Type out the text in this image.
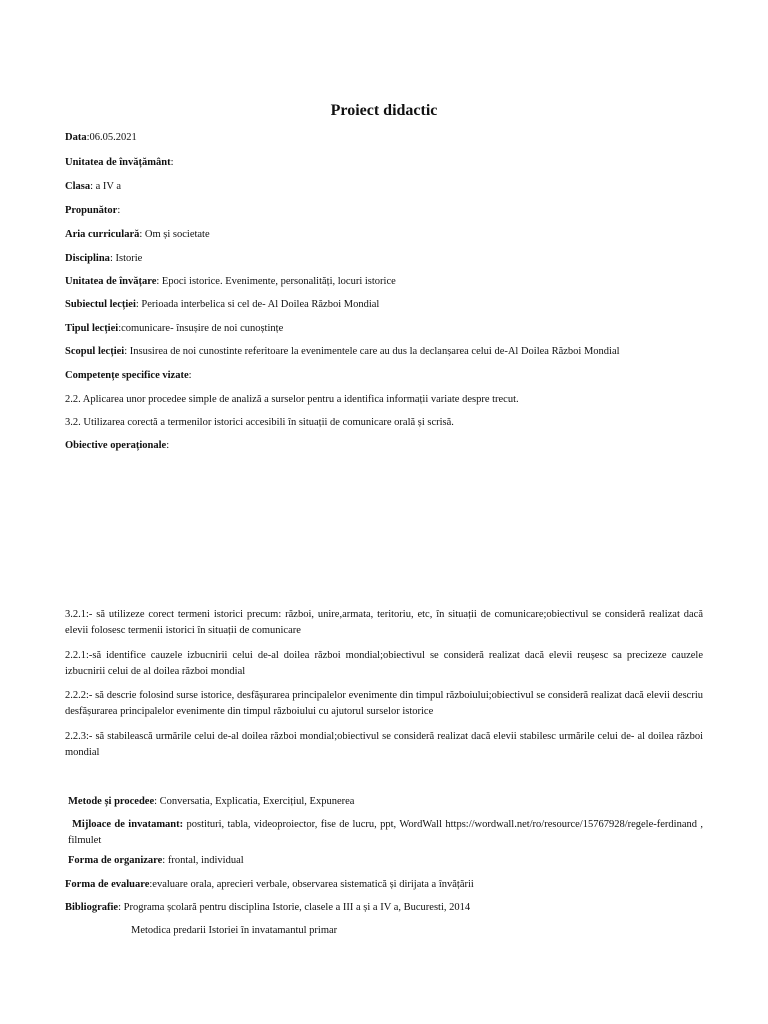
Proiect didactic
Data:06.05.2021
Unitatea de învățământ:
Clasa: a IV a
Propunător:
Aria curriculară: Om și societate
Disciplina: Istorie
Unitatea de învățare: Epoci istorice. Evenimente, personalități, locuri istorice
Subiectul lecției: Perioada interbelica si cel de- Al Doilea Război Mondial
Tipul lecției:comunicare- însușire de noi cunoștințe
Scopul lecției: Insusirea de noi cunostinte referitoare la evenimentele care au dus la declanșarea celui de-Al Doilea Război Mondial
Competențe specifice vizate:
2.2. Aplicarea unor procedee simple de analiză a surselor pentru a identifica informații variate despre trecut.
3.2. Utilizarea corectă a termenilor istorici accesibili în situații de comunicare orală și scrisă.
Obiective operaționale:
3.2.1:- să utilizeze corect termeni istorici precum: război, unire,armata, teritoriu, etc, în situații de comunicare;obiectivul se consideră realizat dacă elevii folosesc termenii istorici în situații de comunicare
2.2.1:-să identifice cauzele izbucnirii celui de-al doilea război mondial;obiectivul se consideră realizat dacă elevii reușesc sa precizeze cauzele izbucnirii celui de al doilea război mondial
2.2.2:- să descrie folosind surse istorice, desfășurarea principalelor evenimente din timpul războiului;obiectivul se consideră realizat dacă elevii descriu desfășurarea principalelor evenimente din timpul războiului cu ajutorul surselor istorice
2.2.3:- să stabilească urmările celui de-al doilea război mondial;obiectivul se consideră realizat dacă elevii stabilesc urmările celui de- al doilea război mondial
Metode și procedee: Conversatia, Explicatia, Exercițiul, Expunerea
Mijloace de invatamant: postituri, tabla, videoproiector, fise de lucru, ppt, WordWall https://wordwall.net/ro/resource/15767928/regele-ferdinand , filmulet
Forma de organizare: frontal, individual
Forma de evaluare:evaluare orala, aprecieri verbale, observarea sistematică și dirijata a învățării
Bibliografie: Programa școlară pentru disciplina Istorie, clasele a III a și a IV a, Bucuresti, 2014
Metodica predarii Istoriei în invatamantul primar
